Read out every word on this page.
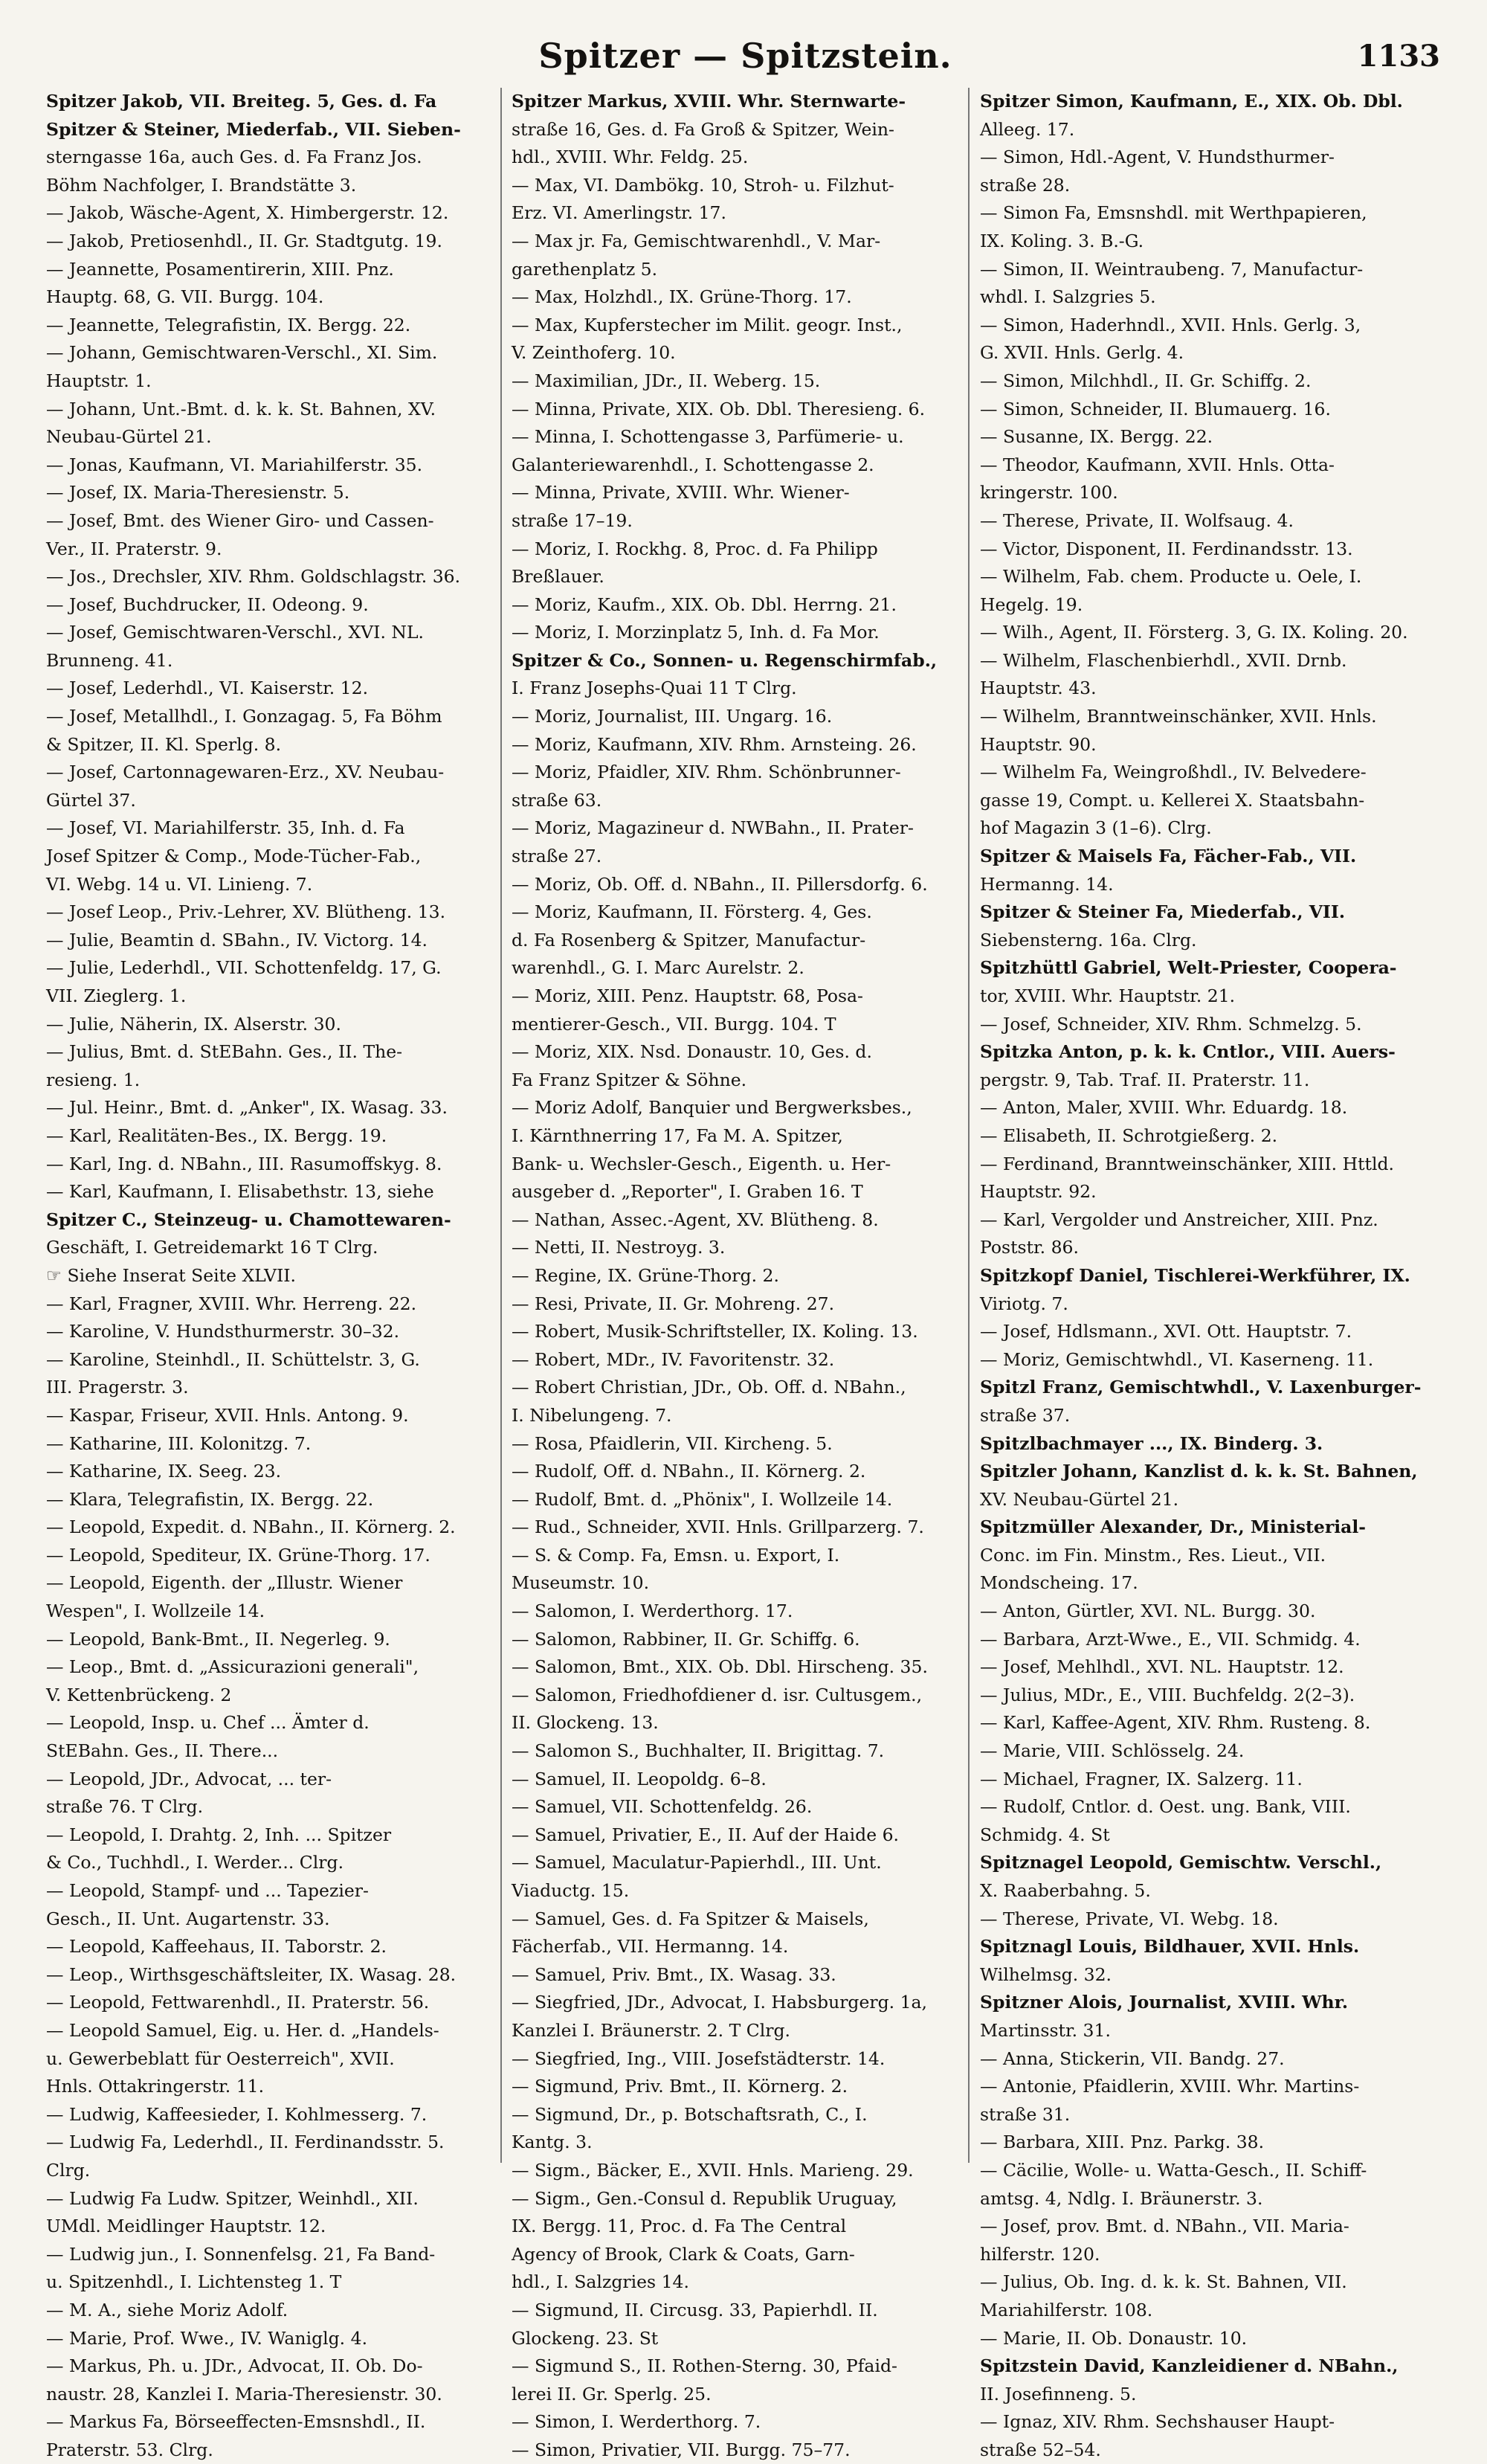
Spitzer — Spitzstein.	1133
Spitzer Jakob, VII. Breiteg. 5, Ges. d. Fa
Spitzer & Steiner, Miederfab., VII. Sieben-
sterngasse 16a, auch Ges. d. Fa Franz Jos.
Böhm Nachfolger, I. Brandstätte 3.
— Jakob, Wäsche-Agent, X. Himbergerstr. 12.
— Jakob, Pretiosenhdl., II. Gr. Stadtgutg. 19.
— Jeannette, Posamentirerin, XIII. Pnz.
Hauptg. 68, G. VII. Burgg. 104.
— Jeannette, Telegrafistin, IX. Bergg. 22.
— Johann, Gemischtwaren-Verschl., XI. Sim.
Hauptstr. 1.
— Johann, Unt.-Bmt. d. k. k. St. Bahnen, XV.
Neubau-Gürtel 21.
— Jonas, Kaufmann, VI. Mariahilferstr. 35.
— Josef, IX. Maria-Theresienstr. 5.
— Josef, Bmt. des Wiener Giro- und Cassen-
Ver., II. Praterstr. 9.
— Jos., Drechsler, XIV. Rhm. Goldschlagstr. 36.
— Josef, Buchdrucker, II. Odeong. 9.
— Josef, Gemischtwaren-Verschl., XVI. NL.
Brunneng. 41.
— Josef, Lederhdl., VI. Kaiserstr. 12.
— Josef, Metallhdl., I. Gonzagag. 5, Fa Böhm
& Spitzer, II. Kl. Sperlg. 8.
— Josef, Cartonnagewaren-Erz., XV. Neubau-
Gürtel 37.
— Josef, VI. Mariahilferstr. 35, Inh. d. Fa
Josef Spitzer & Comp., Mode-Tücher-Fab.,
VI. Webg. 14 u. VI. Linieng. 7.
— Josef Leop., Priv.-Lehrer, XV. Blütheng. 13.
— Julie, Beamtin d. SBahn., IV. Victorg. 14.
— Julie, Lederhdl., VII. Schottenfeldg. 17, G.
VII. Zieglerg. 1.
— Julie, Näherin, IX. Alserstr. 30.
— Julius, Bmt. d. StEBahn. Ges., II. The-
resieng. 1.
— Jul. Heinr., Bmt. d. „Anker", IX. Wasag. 33.
— Karl, Realitäten-Bes., IX. Bergg. 19.
— Karl, Ing. d. NBahn., III. Rasumoffskyg. 8.
— Karl, Kaufmann, I. Elisabethstr. 13, siehe
Spitzer C., Steinzeug- u. Chamottewaren-
Geschäft, I. Getreidemarkt 16 T Clrg.
☞ Siehe Inserat Seite XLVII.
— Karl, Fragner, XVIII. Whr. Herreng. 22.
— Karoline, V. Hundsthurmerstr. 30–32.
— Karoline, Steinhdl., II. Schüttelstr. 3, G.
III. Pragerstr. 3.
— Kaspar, Friseur, XVII. Hnls. Antong. 9.
— Katharine, III. Kolonitzg. 7.
— Katharine, IX. Seeg. 23.
— Klara, Telegrafistin, IX. Bergg. 22.
— Leopold, Expedit. d. NBahn., II. Körnerg. 2.
— Leopold, Spediteur, IX. Grüne-Thorg. 17.
— Leopold, Eigenth. der „Illustr. Wiener
Wespen", I. Wollzeile 14.
— Leopold, Bank-Bmt., II. Negerleg. 9.
— Leop., Bmt. d. „Assicurazioni generali",
V. Kettenbrückeng. 2
— Leopold, Insp. u. Chef ... Ämter d.
StEBahn. Ges., II. There...
— Leopold, JDr., Advocat, ... ter-
straße 76. T Clrg.
— Leopold, I. Drahtg. 2, Inh. ... Spitzer
& Co., Tuchhdl., I. Werder... Clrg.
— Leopold, Stampf- und ... Tapezier-
Gesch., II. Unt. Augartenstr. 33.
— Leopold, Kaffeehaus, II. Taborstr. 2.
— Leop., Wirthsgeschäftsleiter, IX. Wasag. 28.
— Leopold, Fettwarenhdl., II. Praterstr. 56.
— Leopold Samuel, Eig. u. Her. d. „Handels-
u. Gewerbeblatt für Oesterreich", XVII.
Hnls. Ottakringerstr. 11.
— Ludwig, Kaffeesieder, I. Kohlmesserg. 7.
— Ludwig Fa, Lederhdl., II. Ferdinandsstr. 5.
Clrg.
— Ludwig Fa Ludw. Spitzer, Weinhdl., XII.
UMdl. Meidlinger Hauptstr. 12.
— Ludwig jun., I. Sonnenfelsg. 21, Fa Band-
u. Spitzenhdl., I. Lichtensteg 1. T
— M. A., siehe Moriz Adolf.
— Marie, Prof. Wwe., IV. Waniglg. 4.
— Markus, Ph. u. JDr., Advocat, II. Ob. Do-
naustr. 28, Kanzlei I. Maria-Theresienstr. 30.
— Markus Fa, Börseeffecten-Emsnshdl., II.
Praterstr. 53. Clrg.
Spitzer Markus, XVIII. Whr. Sternwarte-
straße 16, Ges. d. Fa Groß & Spitzer, Wein-
hdl., XVIII. Whr. Feldg. 25.
— Max, VI. Dambökg. 10, Stroh- u. Filzhut-
Erz. VI. Amerlingstr. 17.
— Max jr. Fa, Gemischtwarenhdl., V. Mar-
garethenplatz 5.
— Max, Holzhdl., IX. Grüne-Thorg. 17.
— Max, Kupferstecher im Milit. geogr. Inst.,
V. Zeinthoferg. 10.
— Maximilian, JDr., II. Weberg. 15.
— Minna, Private, XIX. Ob. Dbl. Theresieng. 6.
— Minna, I. Schottengasse 3, Parfümerie- u.
Galanteriewarenhdl., I. Schottengasse 2.
— Minna, Private, XVIII. Whr. Wiener-
straße 17–19.
— Moriz, I. Rockhg. 8, Proc. d. Fa Philipp
Breßlauer.
— Moriz, Kaufm., XIX. Ob. Dbl. Herrng. 21.
— Moriz, I. Morzinplatz 5, Inh. d. Fa Mor.
Spitzer & Co., Sonnen- u. Regenschirmfab.,
I. Franz Josephs-Quai 11 T Clrg.
— Moriz, Journalist, III. Ungarg. 16.
— Moriz, Kaufmann, XIV. Rhm. Arnsteing. 26.
— Moriz, Pfaidler, XIV. Rhm. Schönbrunner-
straße 63.
— Moriz, Magazineur d. NWBahn., II. Prater-
straße 27.
— Moriz, Ob. Off. d. NBahn., II. Pillersdorfg. 6.
— Moriz, Kaufmann, II. Försterg. 4, Ges.
d. Fa Rosenberg & Spitzer, Manufactur-
warenhdl., G. I. Marc Aurelstr. 2.
— Moriz, XIII. Penz. Hauptstr. 68, Posa-
mentierer-Gesch., VII. Burgg. 104. T
— Moriz, XIX. Nsd. Donaustr. 10, Ges. d.
Fa Franz Spitzer & Söhne.
— Moriz Adolf, Banquier und Bergwerksbes.,
I. Kärnthnerring 17, Fa M. A. Spitzer,
Bank- u. Wechsler-Gesch., Eigenth. u. Her-
ausgeber d. „Reporter", I. Graben 16. T
— Nathan, Assec.-Agent, XV. Blütheng. 8.
— Netti, II. Nestroyg. 3.
— Regine, IX. Grüne-Thorg. 2.
— Resi, Private, II. Gr. Mohreng. 27.
— Robert, Musik-Schriftsteller, IX. Koling. 13.
— Robert, MDr., IV. Favoritenstr. 32.
— Robert Christian, JDr., Ob. Off. d. NBahn.,
I. Nibelungeng. 7.
— Rosa, Pfaidlerin, VII. Kircheng. 5.
— Rudolf, Off. d. NBahn., II. Körnerg. 2.
— Rudolf, Bmt. d. „Phönix", I. Wollzeile 14.
— Rud., Schneider, XVII. Hnls. Grillparzerg. 7.
— S. & Comp. Fa, Emsn. u. Export, I.
Museumstr. 10.
— Salomon, I. Werderthorg. 17.
— Salomon, Rabbiner, II. Gr. Schiffg. 6.
— Salomon, Bmt., XIX. Ob. Dbl. Hirscheng. 35.
— Salomon, Friedhofdiener d. isr. Cultusgem.,
II. Glockeng. 13.
— Salomon S., Buchhalter, II. Brigittag. 7.
— Samuel, II. Leopoldg. 6–8.
— Samuel, VII. Schottenfeldg. 26.
— Samuel, Privatier, E., II. Auf der Haide 6.
— Samuel, Maculatur-Papierhdl., III. Unt.
Viaductg. 15.
— Samuel, Ges. d. Fa Spitzer & Maisels,
Fächerfab., VII. Hermanng. 14.
— Samuel, Priv. Bmt., IX. Wasag. 33.
— Siegfried, JDr., Advocat, I. Habsburgerg. 1a,
Kanzlei I. Bräunerstr. 2. T Clrg.
— Siegfried, Ing., VIII. Josefstädterstr. 14.
— Sigmund, Priv. Bmt., II. Körnerg. 2.
— Sigmund, Dr., p. Botschaftsrath, C., I.
Kantg. 3.
— Sigm., Bäcker, E., XVII. Hnls. Marieng. 29.
— Sigm., Gen.-Consul d. Republik Uruguay,
IX. Bergg. 11, Proc. d. Fa The Central
Agency of Brook, Clark & Coats, Garn-
hdl., I. Salzgries 14.
— Sigmund, II. Circusg. 33, Papierhdl. II.
Glockeng. 23. St
— Sigmund S., II. Rothen-Sterng. 30, Pfaid-
lerei II. Gr. Sperlg. 25.
— Simon, I. Werderthorg. 7.
— Simon, Privatier, VII. Burgg. 75–77.
Spitzer Simon, Kaufmann, E., XIX. Ob. Dbl.
Alleeg. 17.
— Simon, Hdl.-Agent, V. Hundsthurmer-
straße 28.
— Simon Fa, Emsnshdl. mit Werthpapieren,
IX. Koling. 3. B.-G.
— Simon, II. Weintraubeng. 7, Manufactur-
whdl. I. Salzgries 5.
— Simon, Haderhndl., XVII. Hnls. Gerlg. 3,
G. XVII. Hnls. Gerlg. 4.
— Simon, Milchhdl., II. Gr. Schiffg. 2.
— Simon, Schneider, II. Blumauerg. 16.
— Susanne, IX. Bergg. 22.
— Theodor, Kaufmann, XVII. Hnls. Otta-
kringerstr. 100.
— Therese, Private, II. Wolfsaug. 4.
— Victor, Disponent, II. Ferdinandsstr. 13.
— Wilhelm, Fab. chem. Producte u. Oele, I.
Hegelg. 19.
— Wilh., Agent, II. Försterg. 3, G. IX. Koling. 20.
— Wilhelm, Flaschenbierhdl., XVII. Drnb.
Hauptstr. 43.
— Wilhelm, Branntweinschänker, XVII. Hnls.
Hauptstr. 90.
— Wilhelm Fa, Weingroßhdl., IV. Belvedere-
gasse 19, Compt. u. Kellerei X. Staatsbahn-
hof Magazin 3 (1–6). Clrg.
Spitzer & Maisels Fa, Fächer-Fab., VII.
Hermanng. 14.
Spitzer & Steiner Fa, Miederfab., VII.
Siebensterng. 16a. Clrg.
Spitzhüttl Gabriel, Welt-Priester, Coopera-
tor, XVIII. Whr. Hauptstr. 21.
— Josef, Schneider, XIV. Rhm. Schmelzg. 5.
Spitzka Anton, p. k. k. Cntlor., VIII. Auers-
pergstr. 9, Tab. Traf. II. Praterstr. 11.
— Anton, Maler, XVIII. Whr. Eduardg. 18.
— Elisabeth, II. Schrotgießerg. 2.
— Ferdinand, Branntweinschänker, XIII. Httld.
Hauptstr. 92.
— Karl, Vergolder und Anstreicher, XIII. Pnz.
Poststr. 86.
Spitzkopf Daniel, Tischlerei-Werkführer, IX.
Viriotg. 7.
— Josef, Hdlsmann., XVI. Ott. Hauptstr. 7.
— Moriz, Gemischtwhdl., VI. Kaserneng. 11.
Spitzl Franz, Gemischtwhdl., V. Laxenburger-
straße 37.
Spitzlbachmayer ..., IX. Binderg. 3.
Spitzler Johann, Kanzlist d. k. k. St. Bahnen,
XV. Neubau-Gürtel 21.
Spitzmüller Alexander, Dr., Ministerial-
Conc. im Fin. Minstm., Res. Lieut., VII.
Mondscheing. 17.
— Anton, Gürtler, XVI. NL. Burgg. 30.
— Barbara, Arzt-Wwe., E., VII. Schmidg. 4.
— Josef, Mehlhdl., XVI. NL. Hauptstr. 12.
— Julius, MDr., E., VIII. Buchfeldg. 2(2–3).
— Karl, Kaffee-Agent, XIV. Rhm. Rusteng. 8.
— Marie, VIII. Schlösselg. 24.
— Michael, Fragner, IX. Salzerg. 11.
— Rudolf, Cntlor. d. Oest. ung. Bank, VIII.
Schmidg. 4. St
Spitznagel Leopold, Gemischtw. Verschl.,
X. Raaberbahng. 5.
— Therese, Private, VI. Webg. 18.
Spitznagl Louis, Bildhauer, XVII. Hnls.
Wilhelmsg. 32.
Spitzner Alois, Journalist, XVIII. Whr.
Martinsstr. 31.
— Anna, Stickerin, VII. Bandg. 27.
— Antonie, Pfaidlerin, XVIII. Whr. Martins-
straße 31.
— Barbara, XIII. Pnz. Parkg. 38.
— Cäcilie, Wolle- u. Watta-Gesch., II. Schiff-
amtsg. 4, Ndlg. I. Bräunerstr. 3.
— Josef, prov. Bmt. d. NBahn., VII. Maria-
hilferstr. 120.
— Julius, Ob. Ing. d. k. k. St. Bahnen, VII.
Mariahilferstr. 108.
— Marie, II. Ob. Donaustr. 10.
Spitzstein David, Kanzleidiener d. NBahn.,
II. Josefinneng. 5.
— Ignaz, XIV. Rhm. Sechshauser Haupt-
straße 52–54.
